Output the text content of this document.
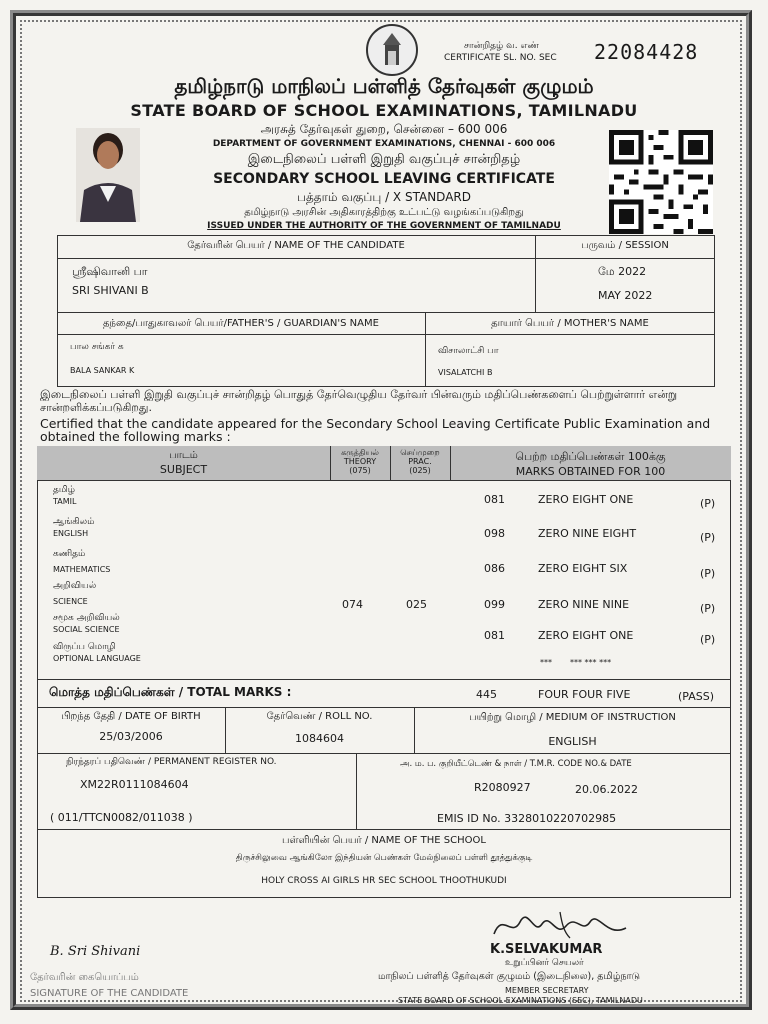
சான்றிதழ் வ. எண்
CERTIFICATE SL. NO. SEC 22084428
தமிழ்நாடு மாநிலப் பள்ளித் தேர்வுகள் குழுமம்
STATE BOARD OF SCHOOL EXAMINATIONS, TAMILNADU
அரசுத் தேர்வுகள் துறை, சென்னை – 600 006
DEPARTMENT OF GOVERNMENT EXAMINATIONS, CHENNAI - 600 006
இடைநிலைப் பள்ளி இறுதி வகுப்புச் சான்றிதழ்
SECONDARY SCHOOL LEAVING CERTIFICATE
பத்தாம் வகுப்பு / X STANDARD
தமிழ்நாடு அரசின் அதிகாரத்திற்கு உட்பட்டு வழங்கப்படுகிறது
ISSUED UNDER THE AUTHORITY OF THE GOVERNMENT OF TAMILNADU
தேர்வரின் பெயர் / NAME OF THE CANDIDATE	பருவம் / SESSION
ஸ்ரீஷிவானி பா
SRI SHIVANI B
மே 2022
MAY 2022
தந்தை/பாதுகாவலர் பெயர்/FATHER'S / GUARDIAN'S NAME	தாயார் பெயர் / MOTHER'S NAME
பால சங்கர் க
BALA SANKAR K
விசாலாட்சி பா
VISALATCHI B
இடைநிலைப் பள்ளி இறுதி வகுப்புச் சான்றிதழ் பொதுத் தேர்வெழுதிய தேர்வர் பின்வரும் மதிப்பெண்களைப் பெற்றுள்ளார் என்று சான்றளிக்கப்படுகிறது.
Certified that the candidate appeared for the Secondary School Leaving Certificate Public Examination and obtained the following marks :
பாடம்
SUBJECT
கருத்தியல்
THEORY
(075)
செய்முறை
PRAC.
(025)
பெற்ற மதிப்பெண்கள் 100க்கு
MARKS OBTAINED FOR 100
தமிழ்
TAMIL	081	ZERO EIGHT ONE	(P)
ஆங்கிலம்
ENGLISH	098	ZERO NINE EIGHT	(P)
கணிதம்
MATHEMATICS	086	ZERO EIGHT SIX	(P)
அறிவியல்
SCIENCE	074	025	099	ZERO NINE NINE	(P)
சமூக அறிவியல்
SOCIAL SCIENCE	081	ZERO EIGHT ONE	(P)
விருப்ப மொழி
OPTIONAL LANGUAGE	*** *** *** ***
மொத்த மதிப்பெண்கள் / TOTAL MARKS :	445	FOUR FOUR FIVE	(PASS)
பிறந்த தேதி / DATE OF BIRTH
25/03/2006
தேர்வெண் / ROLL NO.
1084604
பயிற்று மொழி / MEDIUM OF INSTRUCTION
ENGLISH
நிரந்தரப் பதிவெண் / PERMANENT REGISTER NO.
XM22R0111084604
( 011/TTCN0082/011038 )
அ. ம. ப. குறியீட்டெண் & நாள் / T.M.R. CODE NO.& DATE
R2080927	20.06.2022
EMIS ID No. 3328010220702985
பள்ளியின் பெயர் / NAME OF THE SCHOOL
திருச்சிலுவை ஆங்கிலோ இந்தியன் பெண்கள் மேல்நிலைப் பள்ளி தூத்துக்குடி
HOLY CROSS AI GIRLS HR SEC SCHOOL THOOTHUKUDI
B. Sri Shivani
தேர்வரின் கையொப்பம்
SIGNATURE OF THE CANDIDATE
K.SELVAKUMAR
உறுப்பினர் செயலர்
மாநிலப் பள்ளித் தேர்வுகள் குழுமம் (இடைநிலை), தமிழ்நாடு
MEMBER SECRETARY
STATE BOARD OF SCHOOL EXAMINATIONS (SEC), TAMILNADU
